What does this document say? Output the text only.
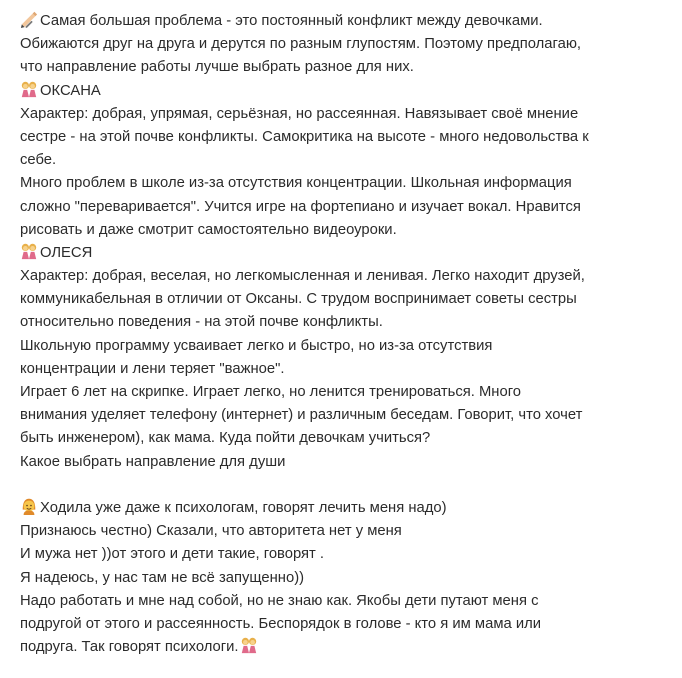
Самая большая проблема - это постоянный конфликт между девочками.
Обижаются друг на друга и дерутся по разным глупостям. Поэтому предполагаю,
что направление работы лучше выбрать разное для них.
ОКСАНА
Характер: добрая, упрямая, серьёзная, но рассеянная. Навязывает своё мнение
сестре - на этой почве конфликты. Самокритика на высоте - много недовольства к
себе.
Много проблем в школе из-за отсутствия концентрации. Школьная информация
сложно "переваривается". Учится игре на фортепиано и изучает вокал. Нравится
рисовать и даже смотрит самостоятельно видеоуроки.
ОЛЕСЯ
Характер: добрая, веселая, но легкомысленная и ленивая. Легко находит друзей,
коммуникабельная в отличии от Оксаны. С трудом воспринимает советы сестры
относительно поведения - на этой почве конфликты.
Школьную программу усваивает легко и быстро, но из-за отсутствия
концентрации и лени теряет "важное".
Играет 6 лет на скрипке. Играет легко, но ленится тренироваться. Много
внимания уделяет телефону (интернет) и различным беседам. Говорит, что хочет
быть инженером), как мама. Куда пойти девочкам учиться?
Какое выбрать направление для души
Ходила уже даже к психологам, говорят лечить меня надо)
Признаюсь честно) Сказали, что авторитета нет у меня
И мужа нет ))от этого и дети такие, говорят .
Я надеюсь, у нас там не всё запущенно))
Надо работать и мне над собой, но не знаю как. Якобы дети путают меня с
подругой от этого и рассеянность. Беспорядок в голове - кто я им мама или
подруга. Так говорят психологи.
